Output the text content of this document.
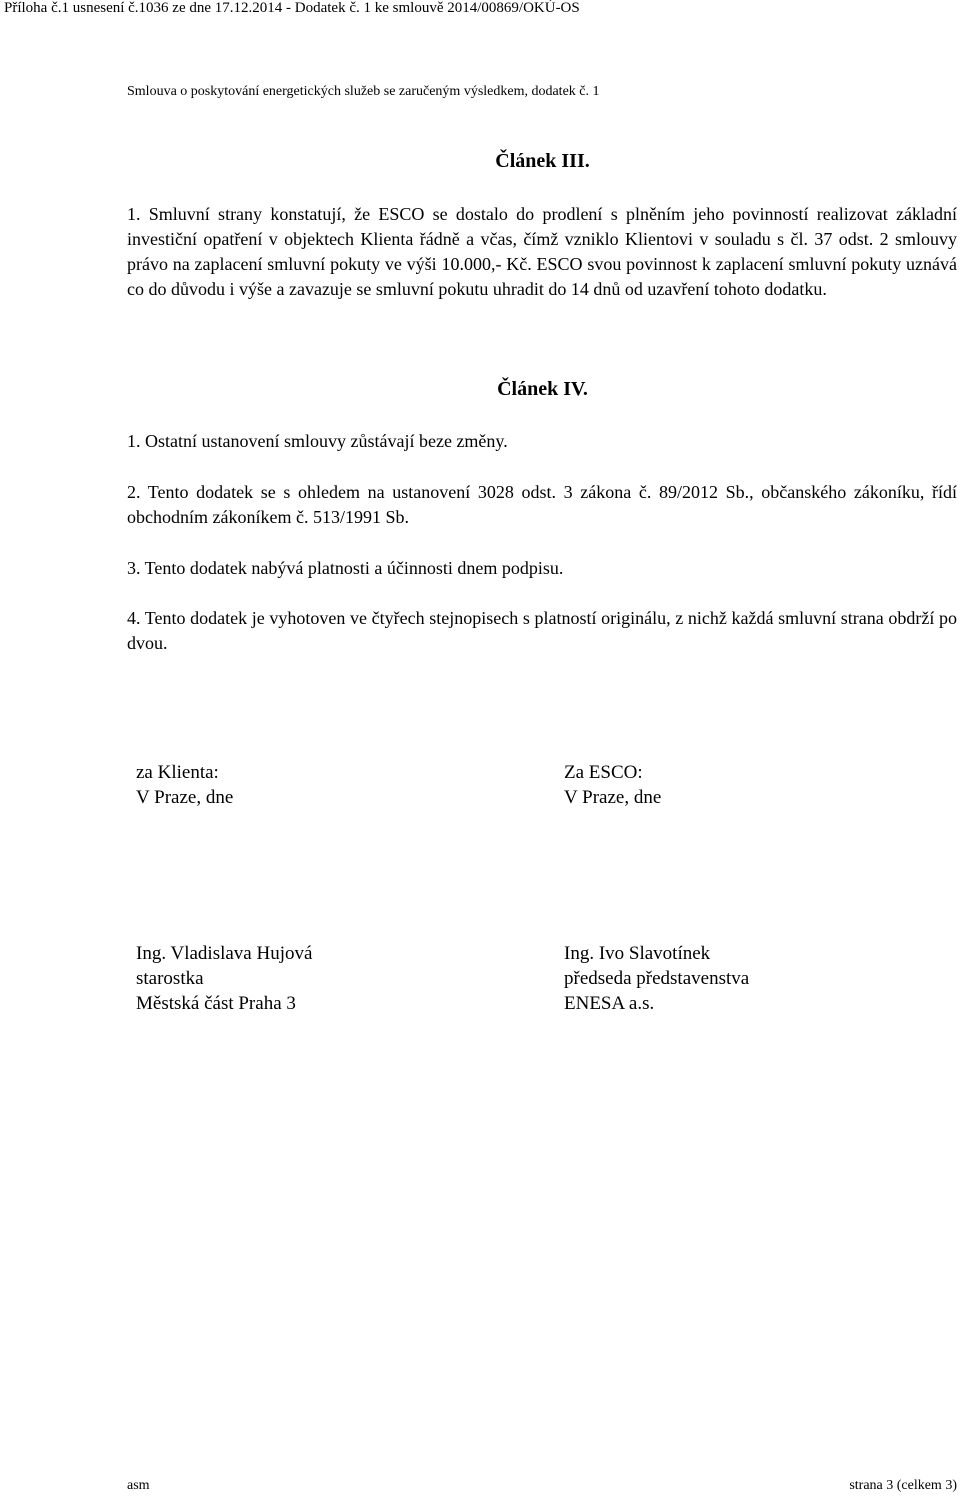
Příloha č.1 usnesení č.1036 ze dne 17.12.2014 - Dodatek č. 1 ke smlouvě 2014/00869/OKÚ-OS
Smlouva o poskytování energetických služeb se zaručeným výsledkem, dodatek č. 1
Článek III.

1. Smluvní strany konstatují, že ESCO se dostalo do prodlení s plněním jeho povinností realizovat základní investiční opatření v objektech Klienta řádně a včas, čímž vzniklo Klientovi v souladu s čl. 37 odst. 2 smlouvy právo na zaplacení smluvní pokuty ve výši 10.000,- Kč. ESCO svou povinnost k zaplacení smluvní pokuty uznává co do důvodu i výše a zavazuje se smluvní pokutu uhradit do 14 dnů od uzavření tohoto dodatku.

Článek IV.

1. Ostatní ustanovení smlouvy zůstávají beze změny.

2. Tento dodatek se s ohledem na ustanovení 3028 odst. 3 zákona č. 89/2012 Sb., občanského zákoníku, řídí obchodním zákoníkem č. 513/1991 Sb.

3. Tento dodatek nabývá platnosti a účinnosti dnem podpisu.

4. Tento dodatek je vyhotoven ve čtyřech stejnopisech s platností originálu, z nichž každá smluvní strana obdrží po dvou.

za Klienta:
V Praze, dne
Za ESCO:
V Praze, dne
Ing. Vladislava Hujová
starostka
Městská část Praha 3
Ing. Ivo Slavotínek
předseda představenstva
ENESA a.s.
asm	strana 3 (celkem 3)
